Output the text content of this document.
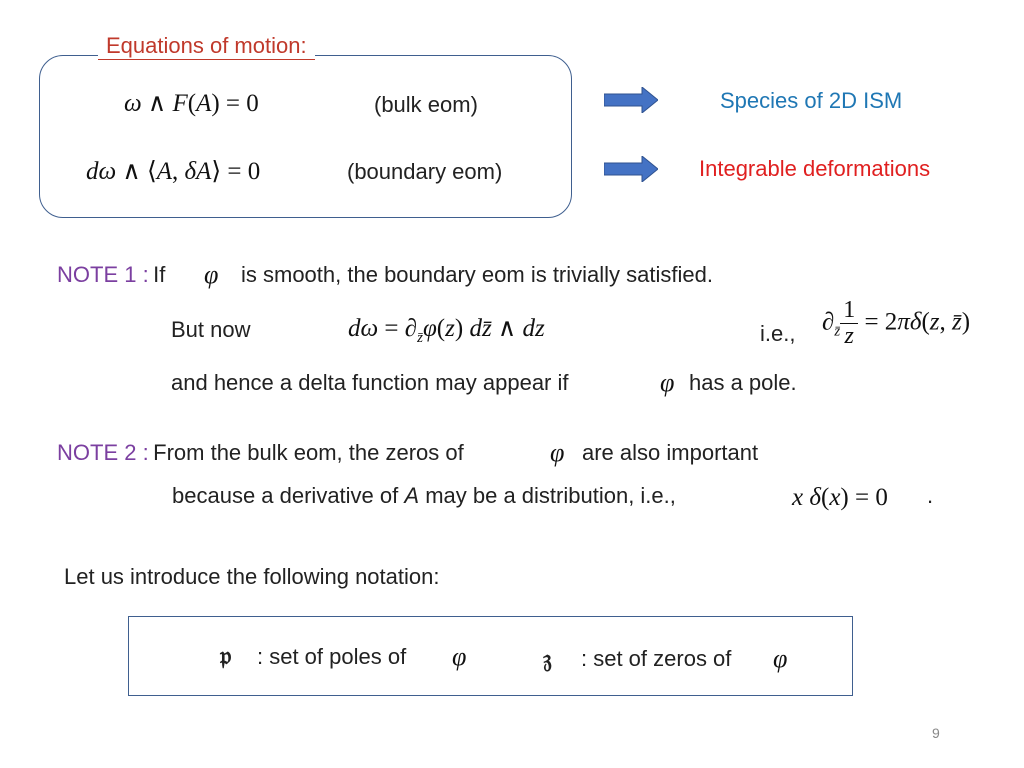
Equations of motion:
ω ∧ F(A) = 0	(bulk eom)
dω ∧ ⟨A, δA⟩ = 0	(boundary eom)
Species of 2D ISM
Integrable deformations
NOTE 1 : If φ is smooth, the boundary eom is trivially satisfied.
But now	$d\omega = \partial_{z̄}\varphi(z)$ dz̄ ∧ dz	i.e., $\partial_{z̄} \frac{1}{z} = 2\pi\delta(z$, z̄)
and hence a delta function may appear if	φ has a pole.
NOTE 2 : From the bulk eom, the zeros of	φ are also important
because a derivative of A may be a distribution, i.e.,	x δ(x) = 0 .
Let us introduce the following notation:
𝔭 : set of poles of φ	𝔷 : set of zeros of φ
9
